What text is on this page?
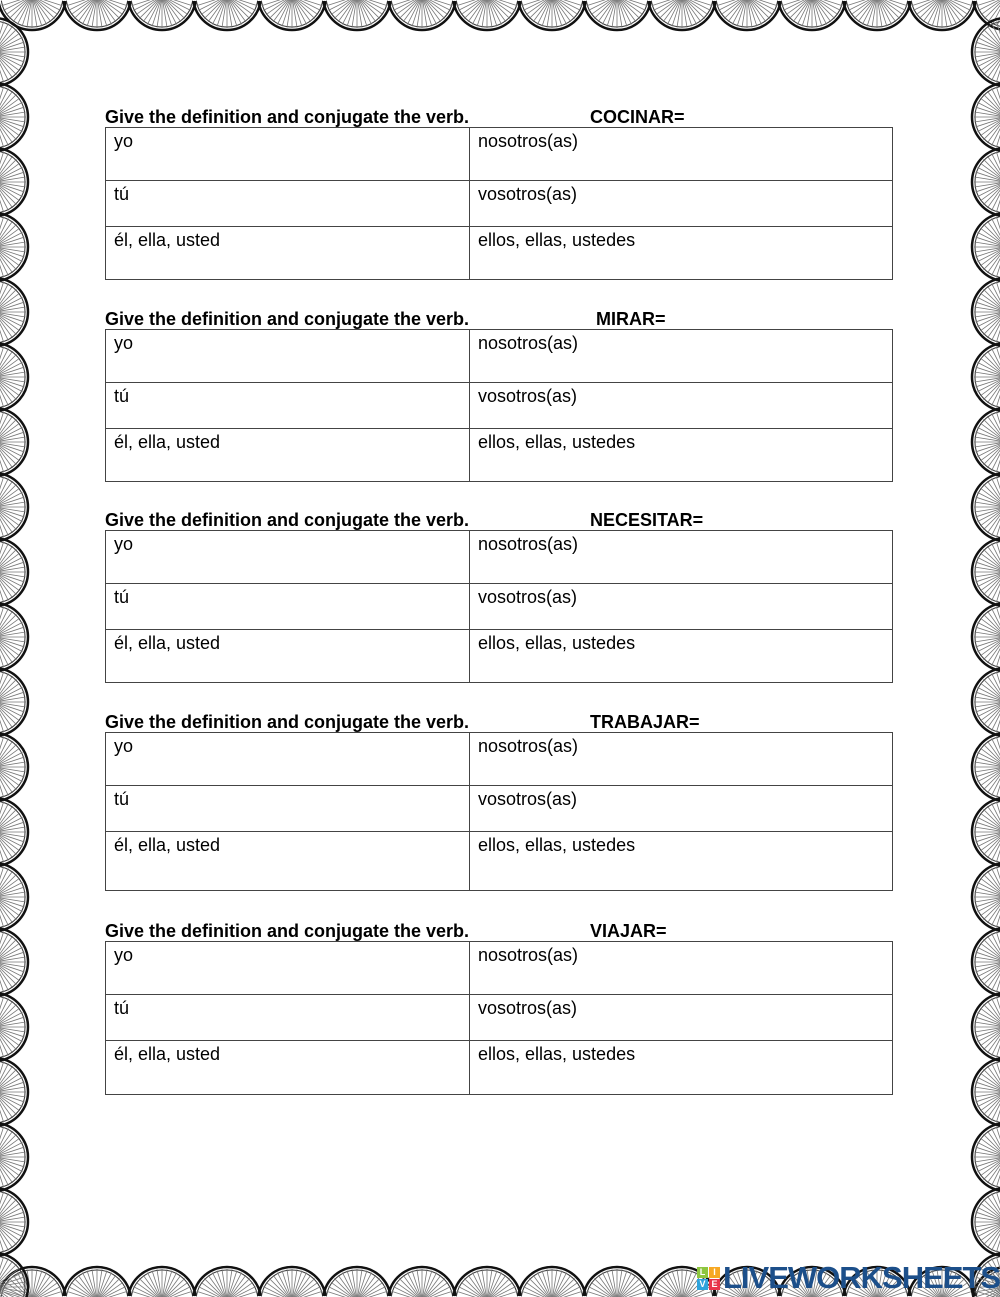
Give the definition and conjugate the verb.	COCINAR=
yo	nosotros(as)
tú	vosotros(as)
él, ella, usted	ellos, ellas, ustedes
Give the definition and conjugate the verb.	MIRAR=
yo	nosotros(as)
tú	vosotros(as)
él, ella, usted	ellos, ellas, ustedes
Give the definition and conjugate the verb.	NECESITAR=
yo	nosotros(as)
tú	vosotros(as)
él, ella, usted	ellos, ellas, ustedes
Give the definition and conjugate the verb.	TRABAJAR=
yo	nosotros(as)
tú	vosotros(as)
él, ella, usted	ellos, ellas, ustedes
Give the definition and conjugate the verb.	VIAJAR=
yo	nosotros(as)
tú	vosotros(as)
él, ella, usted	ellos, ellas, ustedes
L I
V E LIVEWORKSHEETS
